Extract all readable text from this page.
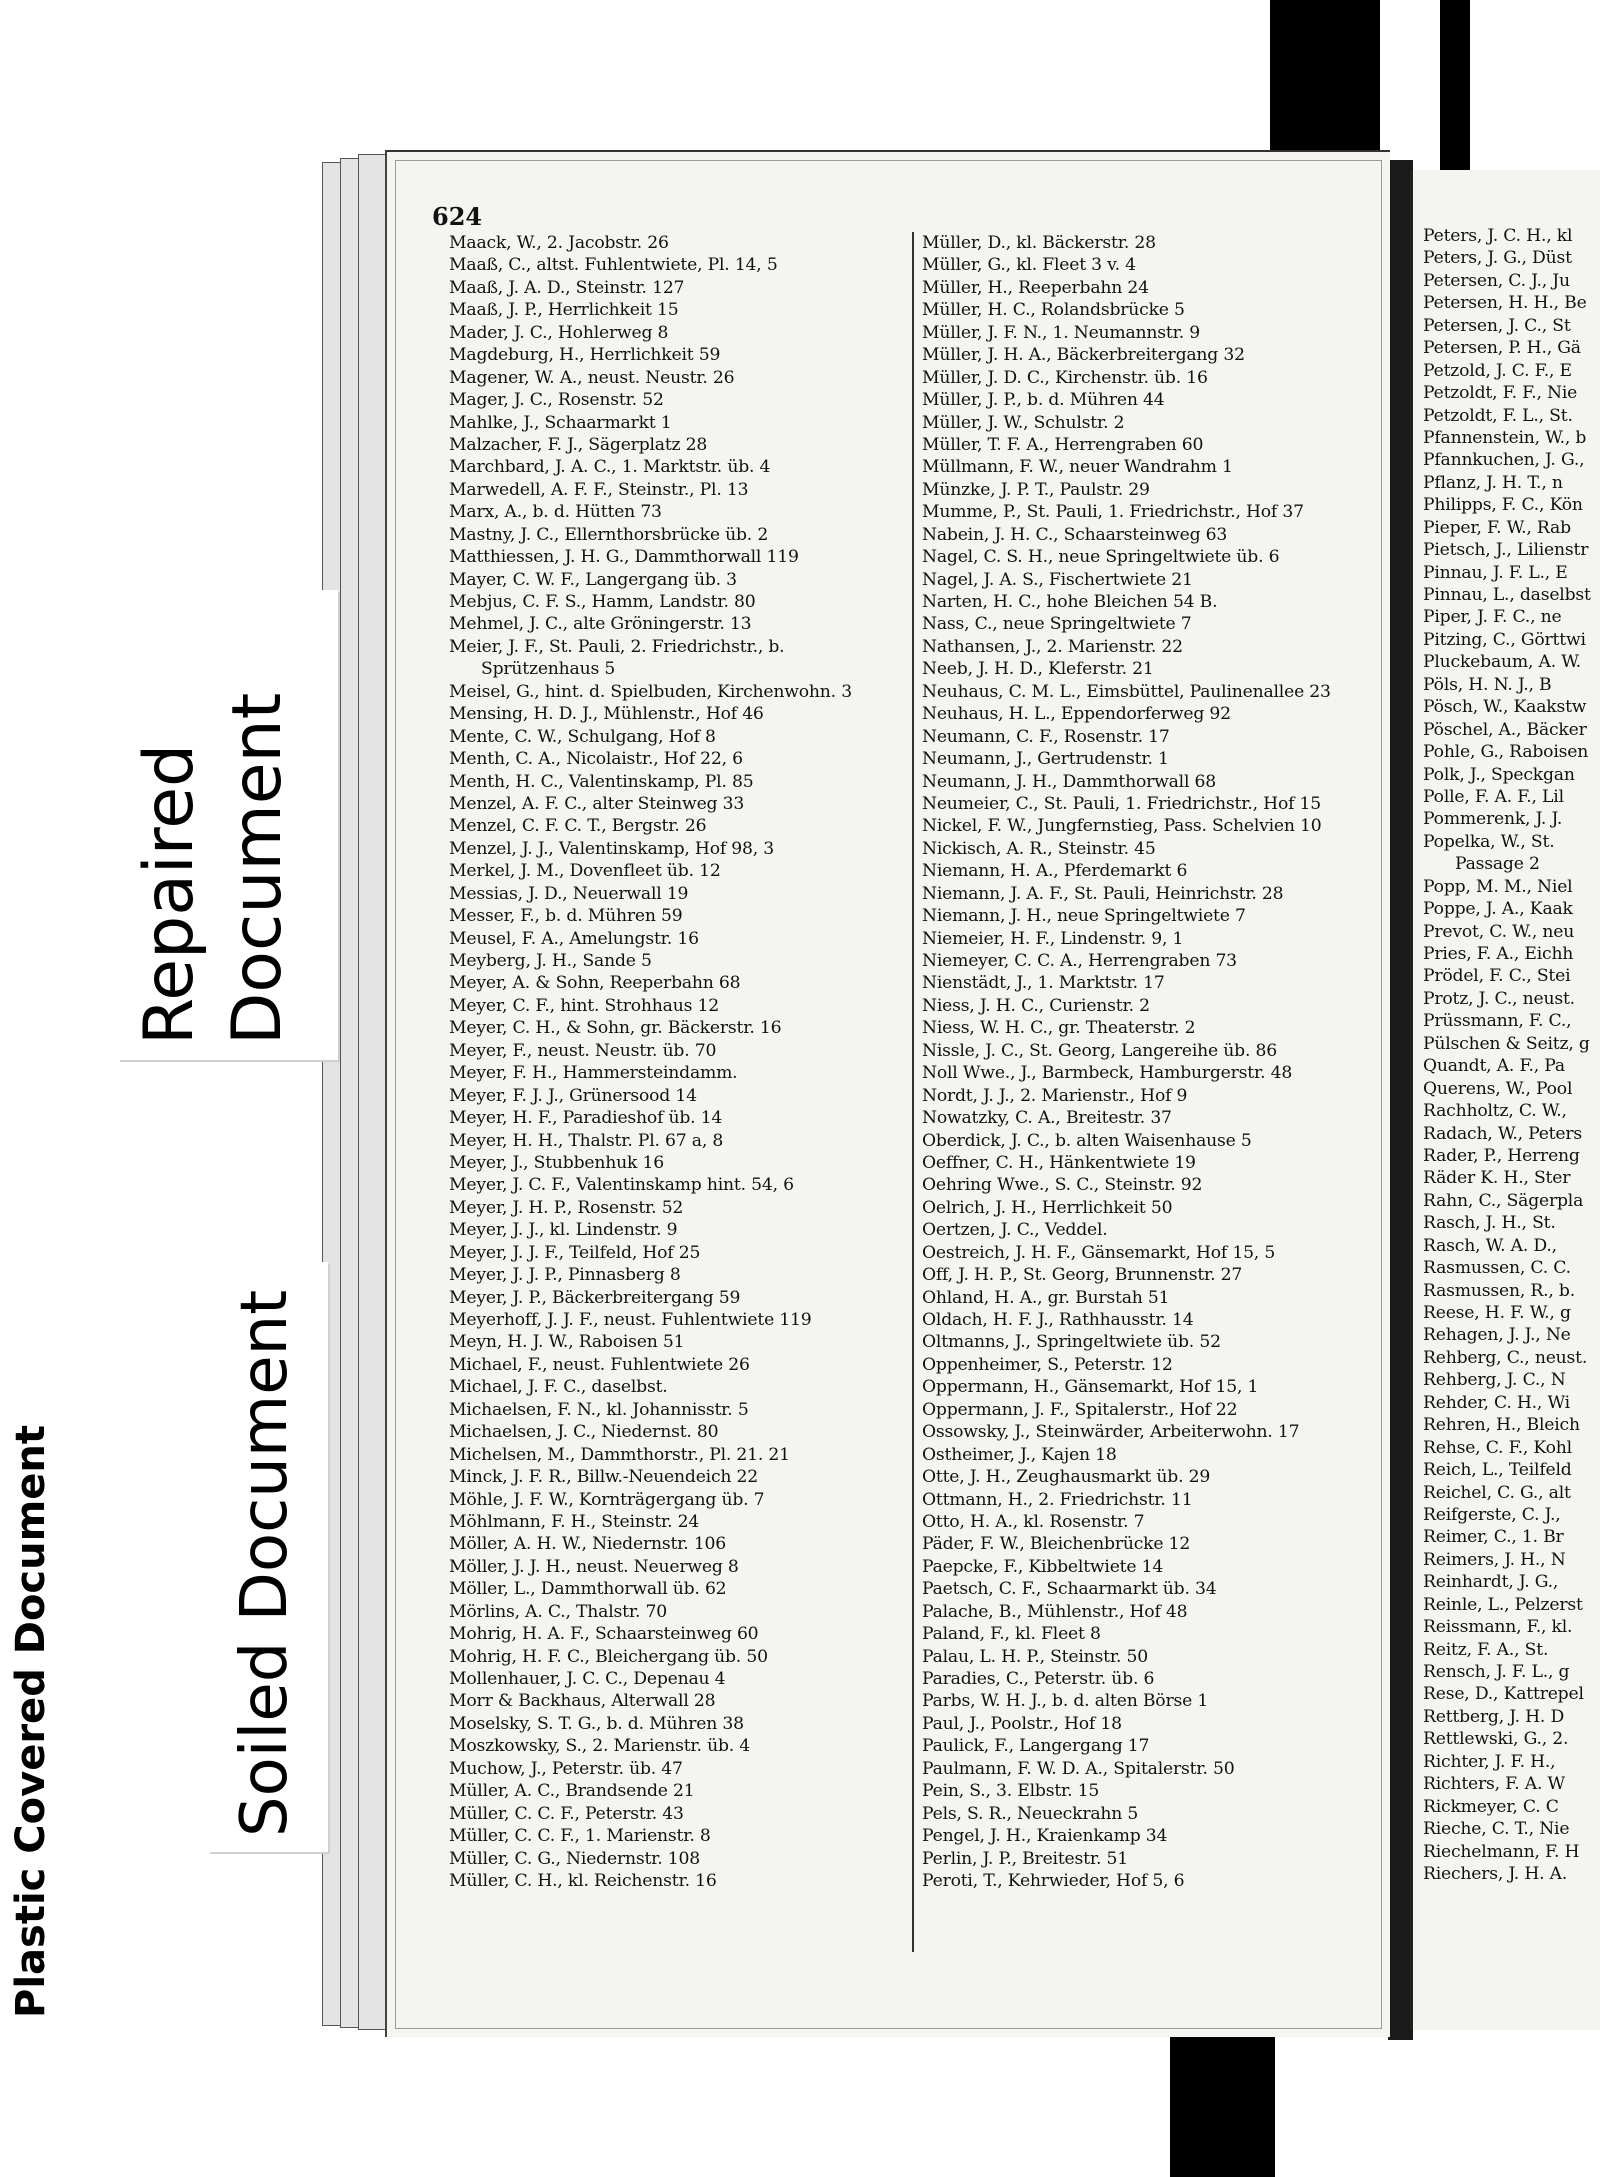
624
Maack, W., 2. Jacobstr. 26
Maaß, C., altst. Fuhlentwiete, Pl. 14, 5
Maaß, J. A. D., Steinstr. 127
Maaß, J. P., Herrlichkeit 15
Mader, J. C., Hohlerweg 8
Magdeburg, H., Herrlichkeit 59
Magener, W. A., neust. Neustr. 26
Mager, J. C., Rosenstr. 52
Mahlke, J., Schaarmarkt 1
Malzacher, F. J., Sägerplatz 28
Marchbard, J. A. C., 1. Marktstr. üb. 4
Marwedell, A. F. F., Steinstr., Pl. 13
Marx, A., b. d. Hütten 73
Mastny, J. C., Ellernthorsbrücke üb. 2
Matthiessen, J. H. G., Dammthorwall 119
Mayer, C. W. F., Langergang üb. 3
Mebjus, C. F. S., Hamm, Landstr. 80
Mehmel, J. C., alte Gröningerstr. 13
Meier, J. F., St. Pauli, 2. Friedrichstr., b.
Sprützenhaus 5
Meisel, G., hint. d. Spielbuden, Kirchenwohn. 3
Mensing, H. D. J., Mühlenstr., Hof 46
Mente, C. W., Schulgang, Hof 8
Menth, C. A., Nicolaistr., Hof 22, 6
Menth, H. C., Valentinskamp, Pl. 85
Menzel, A. F. C., alter Steinweg 33
Menzel, C. F. C. T., Bergstr. 26
Menzel, J. J., Valentinskamp, Hof 98, 3
Merkel, J. M., Dovenfleet üb. 12
Messias, J. D., Neuerwall 19
Messer, F., b. d. Mühren 59
Meusel, F. A., Amelungstr. 16
Meyberg, J. H., Sande 5
Meyer, A. & Sohn, Reeperbahn 68
Meyer, C. F., hint. Strohhaus 12
Meyer, C. H., & Sohn, gr. Bäckerstr. 16
Meyer, F., neust. Neustr. üb. 70
Meyer, F. H., Hammersteindamm.
Meyer, F. J. J., Grünersood 14
Meyer, H. F., Paradieshof üb. 14
Meyer, H. H., Thalstr. Pl. 67 a, 8
Meyer, J., Stubbenhuk 16
Meyer, J. C. F., Valentinskamp hint. 54, 6
Meyer, J. H. P., Rosenstr. 52
Meyer, J. J., kl. Lindenstr. 9
Meyer, J. J. F., Teilfeld, Hof 25
Meyer, J. J. P., Pinnasberg 8
Meyer, J. P., Bäckerbreitergang 59
Meyerhoff, J. J. F., neust. Fuhlentwiete 119
Meyn, H. J. W., Raboisen 51
Michael, F., neust. Fuhlentwiete 26
Michael, J. F. C., daselbst.
Michaelsen, F. N., kl. Johannisstr. 5
Michaelsen, J. C., Niedernst. 80
Michelsen, M., Dammthorstr., Pl. 21. 21
Minck, J. F. R., Billw.-Neuendeich 22
Möhle, J. F. W., Kornträgergang üb. 7
Möhlmann, F. H., Steinstr. 24
Möller, A. H. W., Niedernstr. 106
Möller, J. J. H., neust. Neuerweg 8
Möller, L., Dammthorwall üb. 62
Mörlins, A. C., Thalstr. 70
Mohrig, H. A. F., Schaarsteinweg 60
Mohrig, H. F. C., Bleichergang üb. 50
Mollenhauer, J. C. C., Depenau 4
Morr & Backhaus, Alterwall 28
Moselsky, S. T. G., b. d. Mühren 38
Moszkowsky, S., 2. Marienstr. üb. 4
Muchow, J., Peterstr. üb. 47
Müller, A. C., Brandsende 21
Müller, C. C. F., Peterstr. 43
Müller, C. C. F., 1. Marienstr. 8
Müller, C. G., Niedernstr. 108
Müller, C. H., kl. Reichenstr. 16
Müller, D., kl. Bäckerstr. 28
Müller, G., kl. Fleet 3 v. 4
Müller, H., Reeperbahn 24
Müller, H. C., Rolandsbrücke 5
Müller, J. F. N., 1. Neumannstr. 9
Müller, J. H. A., Bäckerbreitergang 32
Müller, J. D. C., Kirchenstr. üb. 16
Müller, J. P., b. d. Mühren 44
Müller, J. W., Schulstr. 2
Müller, T. F. A., Herrengraben 60
Müllmann, F. W., neuer Wandrahm 1
Münzke, J. P. T., Paulstr. 29
Mumme, P., St. Pauli, 1. Friedrichstr., Hof 37
Nabein, J. H. C., Schaarsteinweg 63
Nagel, C. S. H., neue Springeltwiete üb. 6
Nagel, J. A. S., Fischertwiete 21
Narten, H. C., hohe Bleichen 54 B.
Nass, C., neue Springeltwiete 7
Nathansen, J., 2. Marienstr. 22
Neeb, J. H. D., Kleferstr. 21
Neuhaus, C. M. L., Eimsbüttel, Paulinenallee 23
Neuhaus, H. L., Eppendorferweg 92
Neumann, C. F., Rosenstr. 17
Neumann, J., Gertrudenstr. 1
Neumann, J. H., Dammthorwall 68
Neumeier, C., St. Pauli, 1. Friedrichstr., Hof 15
Nickel, F. W., Jungfernstieg, Pass. Schelvien 10
Nickisch, A. R., Steinstr. 45
Niemann, H. A., Pferdemarkt 6
Niemann, J. A. F., St. Pauli, Heinrichstr. 28
Niemann, J. H., neue Springeltwiete 7
Niemeier, H. F., Lindenstr. 9, 1
Niemeyer, C. C. A., Herrengraben 73
Nienstädt, J., 1. Marktstr. 17
Niess, J. H. C., Curienstr. 2
Niess, W. H. C., gr. Theaterstr. 2
Nissle, J. C., St. Georg, Langereihe üb. 86
Noll Wwe., J., Barmbeck, Hamburgerstr. 48
Nordt, J. J., 2. Marienstr., Hof 9
Nowatzky, C. A., Breitestr. 37
Oberdick, J. C., b. alten Waisenhause 5
Oeffner, C. H., Hänkentwiete 19
Oehring Wwe., S. C., Steinstr. 92
Oelrich, J. H., Herrlichkeit 50
Oertzen, J. C., Veddel.
Oestreich, J. H. F., Gänsemarkt, Hof 15, 5
Off, J. H. P., St. Georg, Brunnenstr. 27
Ohland, H. A., gr. Burstah 51
Oldach, H. F. J., Rathhausstr. 14
Oltmanns, J., Springeltwiete üb. 52
Oppenheimer, S., Peterstr. 12
Oppermann, H., Gänsemarkt, Hof 15, 1
Oppermann, J. F., Spitalerstr., Hof 22
Ossowsky, J., Steinwärder, Arbeiterwohn. 17
Ostheimer, J., Kajen 18
Otte, J. H., Zeughausmarkt üb. 29
Ottmann, H., 2. Friedrichstr. 11
Otto, H. A., kl. Rosenstr. 7
Päder, F. W., Bleichenbrücke 12
Paepcke, F., Kibbeltwiete 14
Paetsch, C. F., Schaarmarkt üb. 34
Palache, B., Mühlenstr., Hof 48
Paland, F., kl. Fleet 8
Palau, L. H. P., Steinstr. 50
Paradies, C., Peterstr. üb. 6
Parbs, W. H. J., b. d. alten Börse 1
Paul, J., Poolstr., Hof 18
Paulick, F., Langergang 17
Paulmann, F. W. D. A., Spitalerstr. 50
Pein, S., 3. Elbstr. 15
Pels, S. R., Neueckrahn 5
Pengel, J. H., Kraienkamp 34
Perlin, J. P., Breitestr. 51
Peroti, T., Kehrwieder, Hof 5, 6
Peters, J. C. H., kl
Peters, J. G., Düst
Petersen, C. J., Ju
Petersen, H. H., Be
Petersen, J. C., St
Petersen, P. H., Gä
Petzold, J. C. F., E
Petzoldt, F. F., Nie
Petzoldt, F. L., St.
Pfannenstein, W., b
Pfannkuchen, J. G.,
Pflanz, J. H. T., n
Philipps, F. C., Kön
Pieper, F. W., Rab
Pietsch, J., Lilienstr
Pinnau, J. F. L., E
Pinnau, L., daselbst
Piper, J. F. C., ne
Pitzing, C., Görttwi
Pluckebaum, A. W.
Pöls, H. N. J., B
Pösch, W., Kaakstw
Pöschel, A., Bäcker
Pohle, G., Raboisen
Polk, J., Speckgan
Polle, F. A. F., Lil
Pommerenk, J. J.
Popelka, W., St.
Passage 2
Popp, M. M., Niel
Poppe, J. A., Kaak
Prevot, C. W., neu
Pries, F. A., Eichh
Prödel, F. C., Stei
Protz, J. C., neust.
Prüssmann, F. C.,
Pülschen & Seitz, g
Quandt, A. F., Pa
Querens, W., Pool
Rachholtz, C. W.,
Radach, W., Peters
Rader, P., Herreng
Räder K. H., Ster
Rahn, C., Sägerpla
Rasch, J. H., St.
Rasch, W. A. D.,
Rasmussen, C. C.
Rasmussen, R., b.
Reese, H. F. W., g
Rehagen, J. J., Ne
Rehberg, C., neust.
Rehberg, J. C., N
Rehder, C. H., Wi
Rehren, H., Bleich
Rehse, C. F., Kohl
Reich, L., Teilfeld
Reichel, C. G., alt
Reifgerste, C. J.,
Reimer, C., 1. Br
Reimers, J. H., N
Reinhardt, J. G.,
Reinle, L., Pelzerst
Reissmann, F., kl.
Reitz, F. A., St.
Rensch, J. F. L., g
Rese, D., Kattrepel
Rettberg, J. H. D
Rettlewski, G., 2.
Richter, J. F. H.,
Richters, F. A. W
Rickmeyer, C. C
Rieche, C. T., Nie
Riechelmann, F. H
Riechers, J. H. A.
Repaired Document
Soiled Document
Plastic Covered Document
